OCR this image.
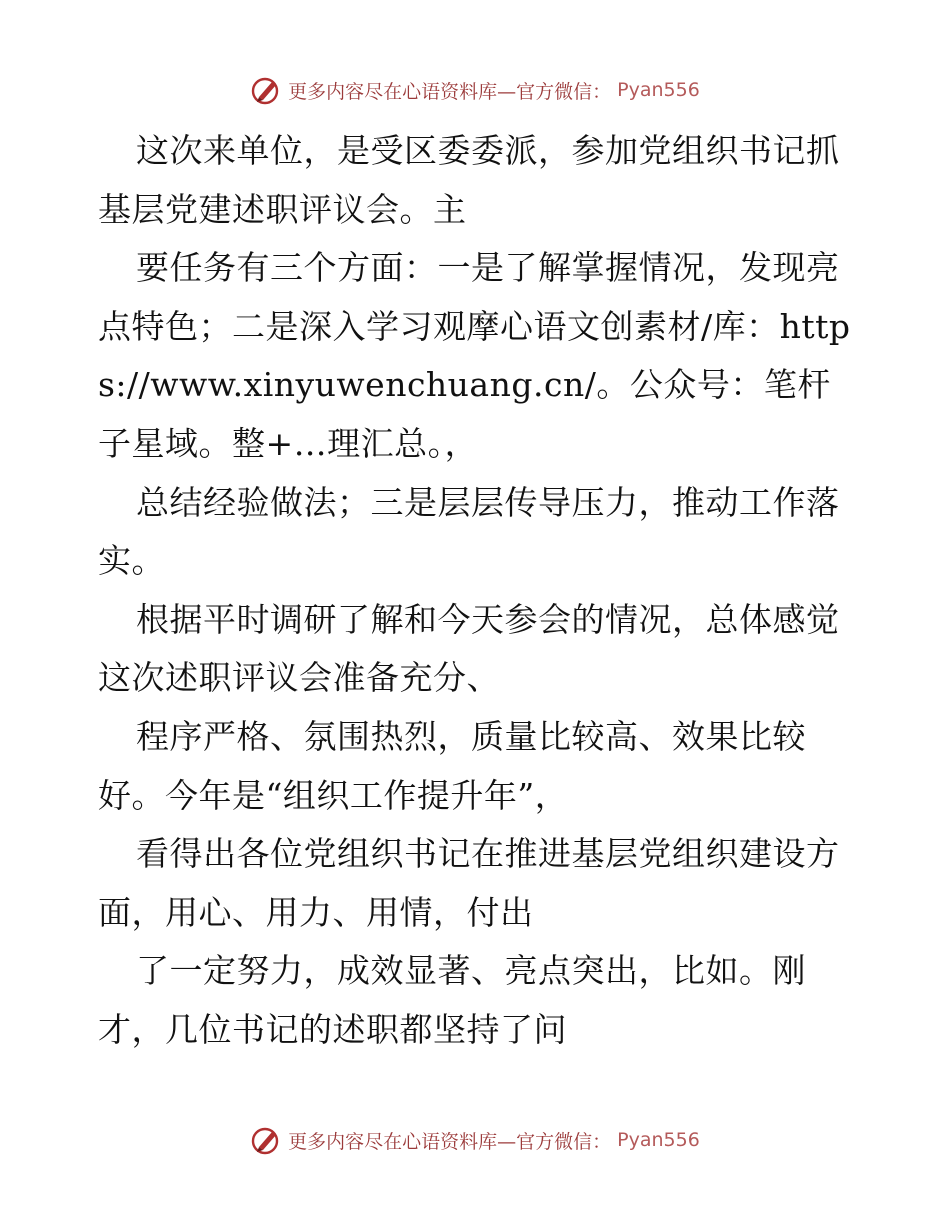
更多内容尽在心语资料库—官方微信： Pyan556

这次来单位，是受区委委派，参加党组织书记抓基层党建述职评议会。主

要任务有三个方面：一是了解掌握情况，发现亮点特色；二是深入学习观摩心语文创素材/库：https://www.xinyuwenchuang.cn/。公众号：笔杆子星域。整+…理汇总。，

总结经验做法；三是层层传导压力，推动工作落实。

根据平时调研了解和今天参会的情况，总体感觉这次述职评议会准备充分、

程序严格、氛围热烈，质量比较高、效果比较好。今年是“组织工作提升年”，

看得出各位党组织书记在推进基层党组织建设方面，用心、用力、用情，付出

了一定努力，成效显著、亮点突出，比如。刚才，几位书记的述职都坚持了问

更多内容尽在心语资料库—官方微信： Pyan556
